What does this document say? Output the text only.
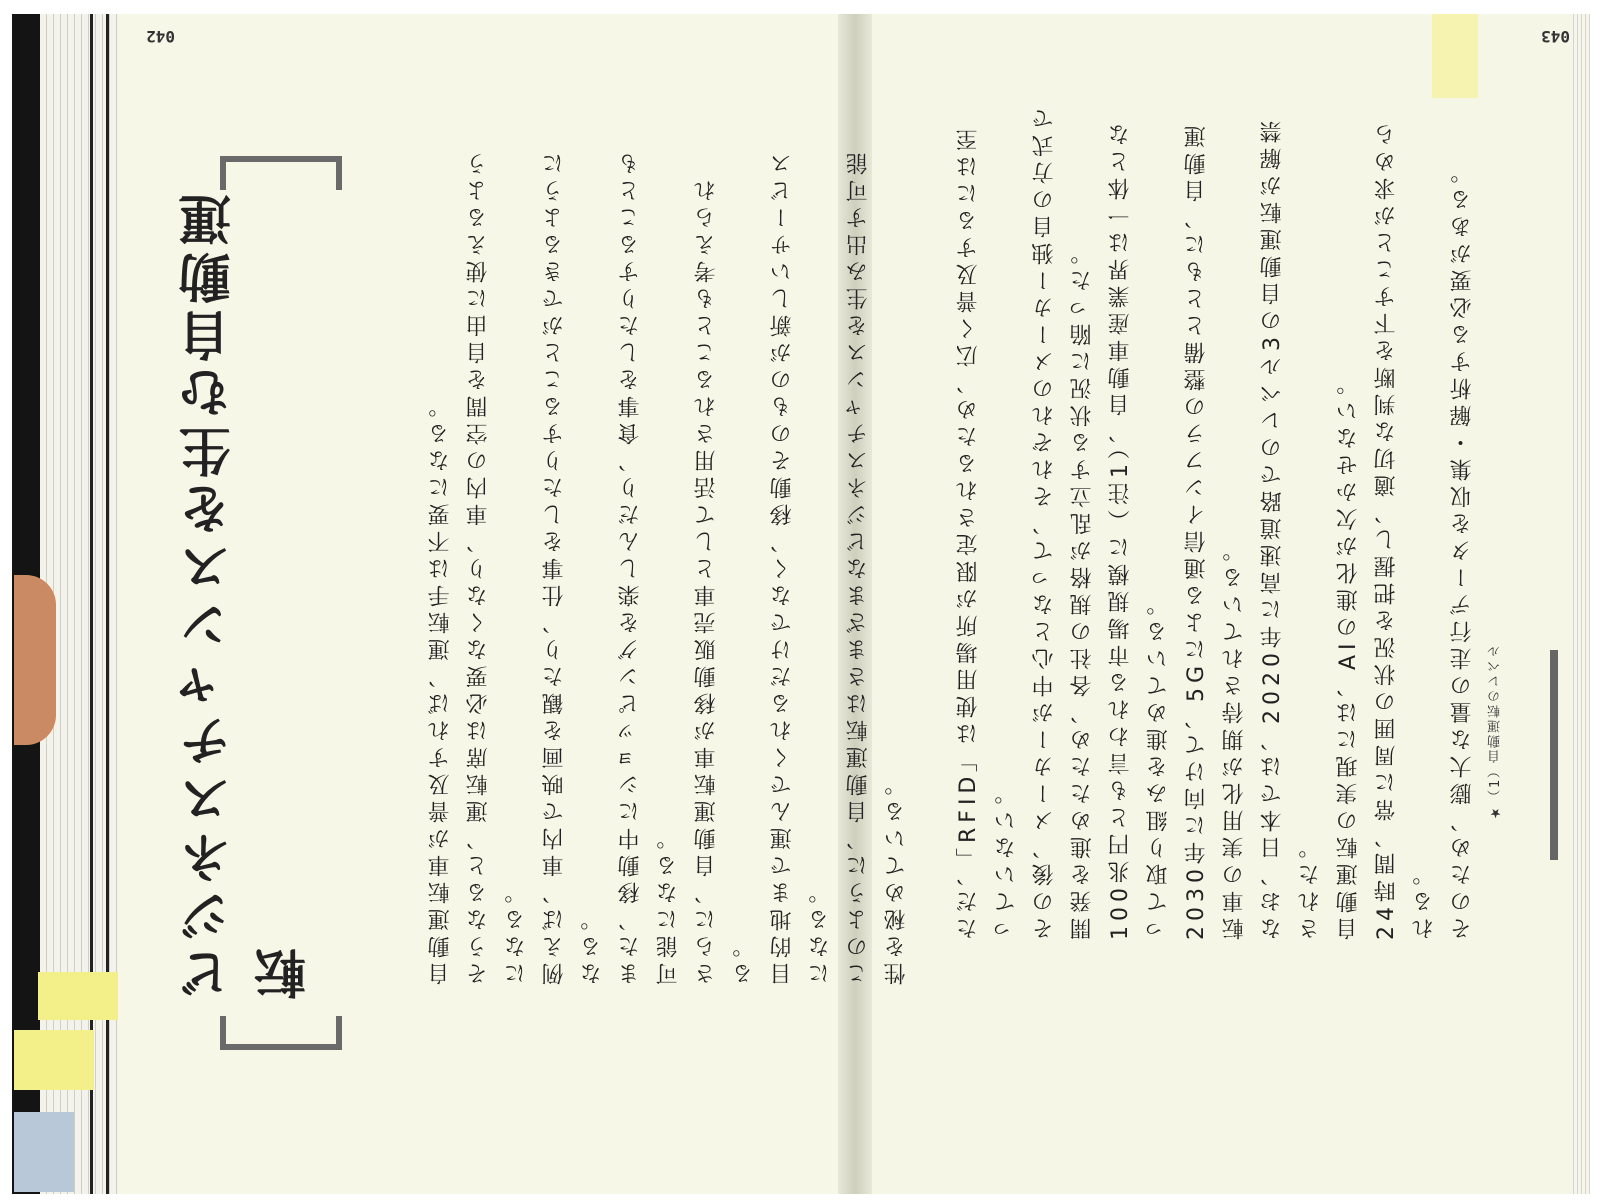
043
★（1）自動運転のレベル

ただ、「RFID」は使用場所が限定されるため、広く普及するには至っていない。 その後、メーカーが中心となって、それぞれのメーカー独自の方式で開発を進めたため、各社の規格が乱立する状況に陥った。 100兆円とも言われる市場規模に（注1）、自動車産業界は一体となって取り組みを進めている。 2030年に向けて、5Gによる通信インフラの整備とともに、自動運転車の実用化が期待されている。 なお、日本では、2020年に高速道路でのレベル3の自動運転が解禁された。 自動運転の実現には、AIの進化が欠かせない。 24時間、常に周囲の状況を把握し、適切な判断を下すことが求められる。 そのため、膨大な量の走行データを収集・解析する必要がある。

042

自動運転車が普及すれば、運転手は不要になる。 そうなると、運転席は必要なくなり、車内の空間を自由に使えるようになる。 例えば、車内で映画を観たり、仕事をしたりすることができるようになる。 また、移動中にショッピングを楽しんだり、食事をしたりすることも可能になる。 さらに、自動運転車が移動販売車として活用されることも考えられる。 目的地まで運んでくれるだけでなく、移動そのものが新しいサービスになる。 このように、自動運転はさまざまなビジネスチャンスを生み出す可能性を秘めている。

ビジネスチャンスを生む自動運転
